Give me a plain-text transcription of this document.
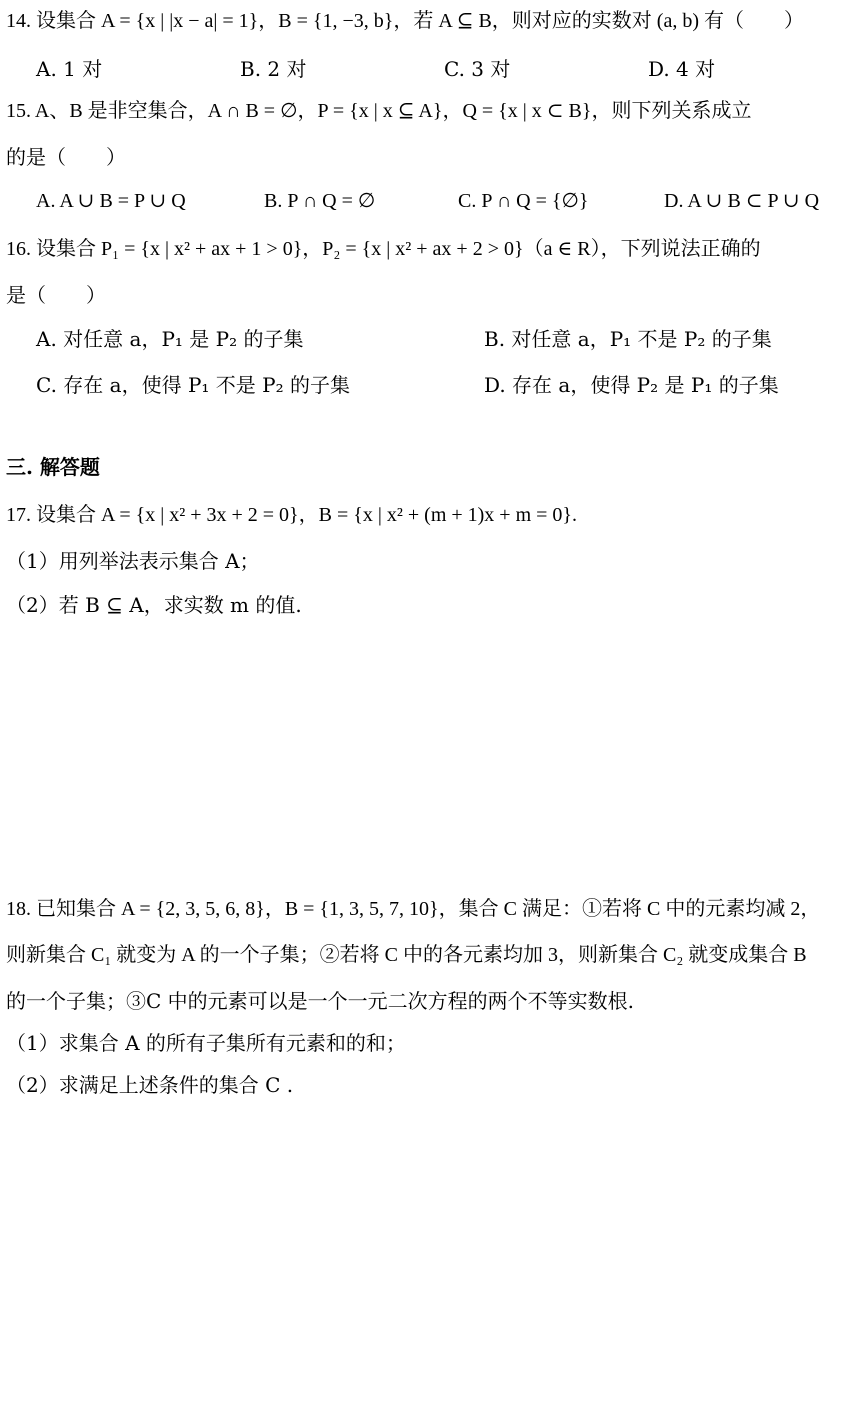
14. 设集合 A = {x | |x − a| = 1}，B = {1, −3, b}，若 A ⊆ B，则对应的实数对 (a, b) 有（　　）
A. 1 对	B. 2 对	C. 3 对	D. 4 对
15. A、B 是非空集合，A ∩ B = ∅，P = {x | x ⊆ A}，Q = {x | x ⊂ B}，则下列关系成立
的是（　　）
A. A ∪ B = P ∪ Q	B. P ∩ Q = ∅	C. P ∩ Q = {∅}	D. A ∪ B ⊂ P ∪ Q
16. 设集合 P₁ = {x | x² + ax + 1 > 0}，P₂ = {x | x² + ax + 2 > 0}（a ∈ R），下列说法正确的
是（　　）
A. 对任意 a，P₁ 是 P₂ 的子集	B. 对任意 a，P₁ 不是 P₂ 的子集
C. 存在 a，使得 P₁ 不是 P₂ 的子集	D. 存在 a，使得 P₂ 是 P₁ 的子集
三. 解答题
17. 设集合 A = {x | x² + 3x + 2 = 0}，B = {x | x² + (m + 1)x + m = 0}.
（1）用列举法表示集合 A；
（2）若 B ⊆ A，求实数 m 的值.
18. 已知集合 A = {2, 3, 5, 6, 8}，B = {1, 3, 5, 7, 10}，集合 C 满足：①若将 C 中的元素均减 2，
则新集合 C₁ 就变为 A 的一个子集；②若将 C 中的各元素均加 3，则新集合 C₂ 就变成集合 B
的一个子集；③C 中的元素可以是一个一元二次方程的两个不等实数根.
（1）求集合 A 的所有子集所有元素和的和；
（2）求满足上述条件的集合 C .
